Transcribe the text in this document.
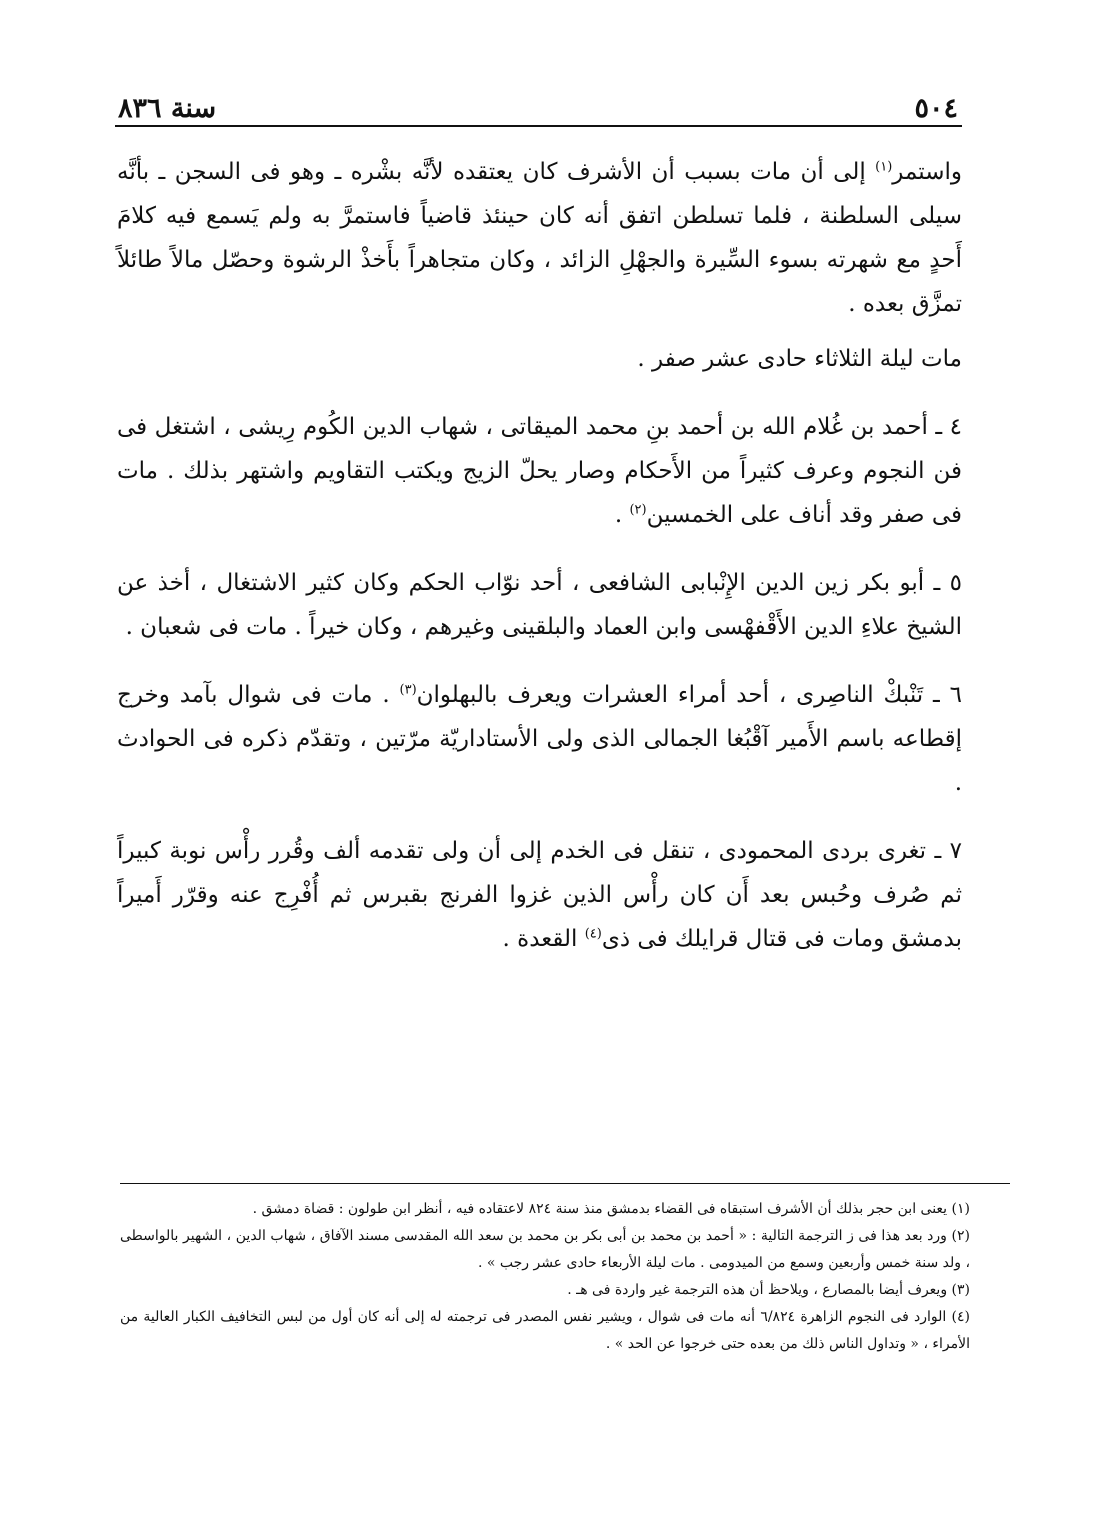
٥٠٤
سنة ٨٣٦

واستمر$^{(١)}$ إلى أن مات بسبب أن الأشرف كان يعتقده لأنَّه بشْره ـ وهو فى السجن ـ بأنَّه سيلى السلطنة ، فلما تسلطن اتفق أنه كان حينئذ قاضياً فاستمرَّ به ولم يَسمع فيه كلامَ أَحدٍ مع شهرته بسوء السِّيرة والجهْلِ الزائد ، وكان متجاهراً بأَخذْ الرشوة وحصّل مالاً طائلاً تمزَّق بعده .

مات ليلة الثلاثاء حادى عشر صفر .

٤ ـ أحمد بن غُلام الله بن أحمد بنِ محمد الميقاتى ، شهاب الدين الكُوم رِيشى ، اشتغل فى فن النجوم وعرف كثيراً من الأَحكام وصار يحلّ الزيج ويكتب التقاويم واشتهر بذلك . مات فى صفر وقد أناف على الخمسين$^{(٢)}$ .

٥ ـ أبو بكر زين الدين الإِنْبابى الشافعى ، أحد نوّاب الحكم وكان كثير الاشتغال ، أخذ عن الشيخ علاءِ الدين الأَقْفهْسى وابن العماد والبلقينى وغيرهم ، وكان خيراً . مات فى شعبان .

٦ ـ تَنْبكْ الناصِرى ، أحد أمراء العشرات ويعرف بالبهلوان$^{(٣)}$ . مات فى شوال بآمد وخرج إقطاعه باسم الأَمير آقْبُغا الجمالى الذى ولى الأستاداريّة مرّتين ، وتقدّم ذكره فى الحوادث .

٧ ـ تغرى بردى المحمودى ، تنقل فى الخدم إلى أن ولى تقدمه ألف وقُرر رأْس نوبة كبيراً ثم صُرف وحُبس بعد أَن كان رأْس الذين غزوا الفرنج بقبرس ثم أُفْرِج عنه وقرّر أَميراً بدمشق ومات فى قتال قرايلك فى ذى$^{(٤)}$ القعدة .

(١) يعنى ابن حجر بذلك أن الأشرف استبقاه فى القضاء بدمشق منذ سنة ٨٢٤ لاعتقاده فيه ، أنظر ابن طولون : قضاة دمشق .

(٢) ورد بعد هذا فى ز الترجمة التالية : « أحمد بن محمد بن أبى بكر بن محمد بن سعد الله المقدسى مسند الآفاق ، شهاب الدين ، الشهير بالواسطى ، ولد سنة خمس وأربعين وسمع من الميدومى . مات ليلة الأربعاء حادى عشر رجب » .

(٣) ويعرف أيضا بالمصارع ، ويلاحظ أن هذه الترجمة غير واردة فى هـ .

(٤) الوارد فى النجوم الزاهرة ٦/٨٢٤ أنه مات فى شوال ، ويشير نفس المصدر فى ترجمته له إلى أنه كان أول من لبس التخافيف الكبار العالية من الأمراء ، « وتداول الناس ذلك من بعده حتى خرجوا عن الحد » .
